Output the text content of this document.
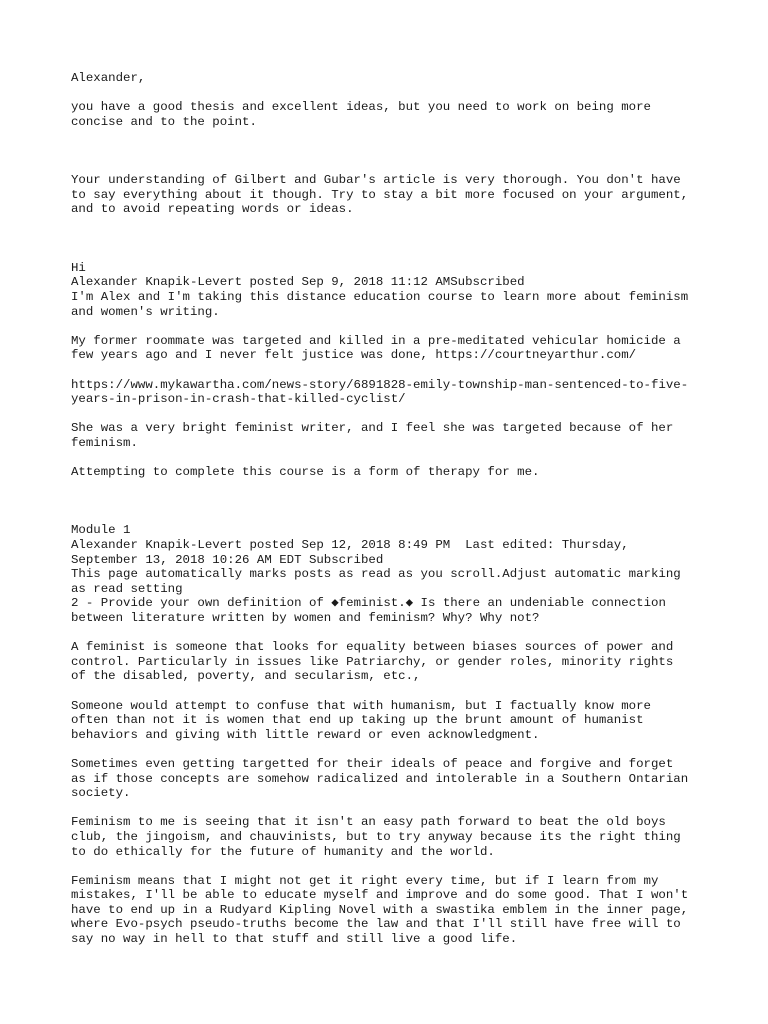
Alexander,
you have a good thesis and excellent ideas, but you need to work on being more
concise and to the point.
Your understanding of Gilbert and Gubar's article is very thorough. You don't have
to say everything about it though. Try to stay a bit more focused on your argument,
and to avoid repeating words or ideas.
Hi
Alexander Knapik-Levert posted Sep 9, 2018 11:12 AMSubscribed
I'm Alex and I'm taking this distance education course to learn more about feminism
and women's writing.
My former roommate was targeted and killed in a pre-meditated vehicular homicide a
few years ago and I never felt justice was done, https://courtneyarthur.com/
https://www.mykawartha.com/news-story/6891828-emily-township-man-sentenced-to-five-
years-in-prison-in-crash-that-killed-cyclist/
She was a very bright feminist writer, and I feel she was targeted because of her
feminism.
Attempting to complete this course is a form of therapy for me.
Module 1
Alexander Knapik-Levert posted Sep 12, 2018 8:49 PM  Last edited: Thursday,
September 13, 2018 10:26 AM EDT Subscribed
This page automatically marks posts as read as you scroll.Adjust automatic marking
as read setting
2 - Provide your own definition of ◆feminist.◆ Is there an undeniable connection
between literature written by women and feminism? Why? Why not?
A feminist is someone that looks for equality between biases sources of power and
control. Particularly in issues like Patriarchy, or gender roles, minority rights
of the disabled, poverty, and secularism, etc.,
Someone would attempt to confuse that with humanism, but I factually know more
often than not it is women that end up taking up the brunt amount of humanist
behaviors and giving with little reward or even acknowledgment.
Sometimes even getting targetted for their ideals of peace and forgive and forget
as if those concepts are somehow radicalized and intolerable in a Southern Ontarian
society.
Feminism to me is seeing that it isn't an easy path forward to beat the old boys
club, the jingoism, and chauvinists, but to try anyway because its the right thing
to do ethically for the future of humanity and the world.
Feminism means that I might not get it right every time, but if I learn from my
mistakes, I'll be able to educate myself and improve and do some good. That I won't
have to end up in a Rudyard Kipling Novel with a swastika emblem in the inner page,
where Evo-psych pseudo-truths become the law and that I'll still have free will to
say no way in hell to that stuff and still live a good life.
